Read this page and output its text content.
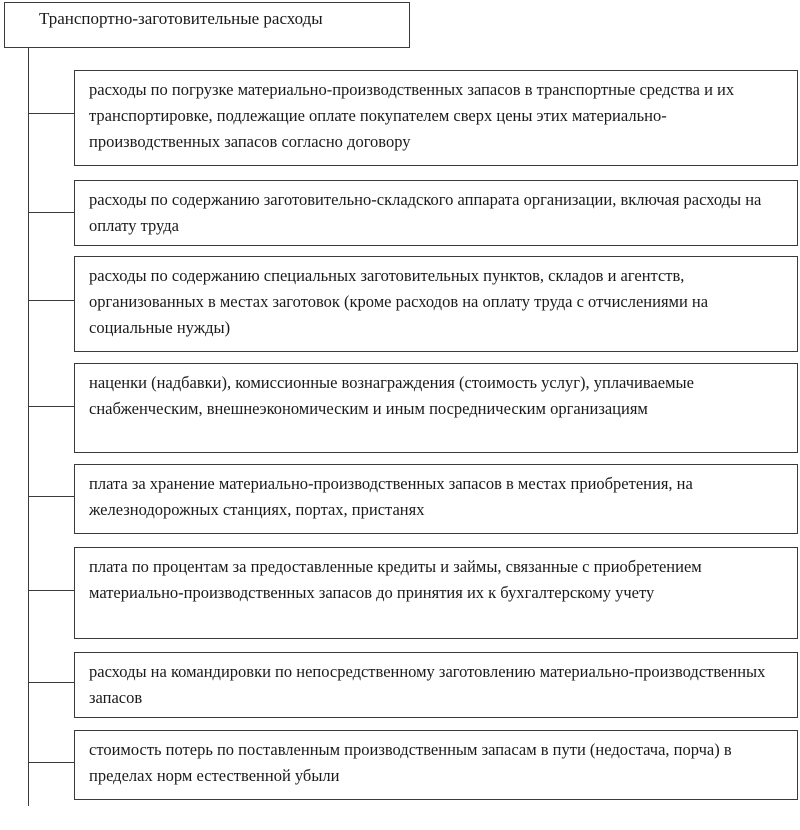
Транспортно-заготовительные расходы
расходы по погрузке материально-производственных запасов в транспортные средства и их транспортировке, подлежащие оплате покупателем сверх цены этих материально-производственных запасов согласно договору
расходы по содержанию заготовительно-складского аппарата организации, включая расходы на оплату труда
расходы по содержанию специальных заготовительных пунктов, складов и агентств, организованных в местах заготовок (кроме расходов на оплату труда с отчислениями на социальные нужды)
наценки (надбавки), комиссионные вознаграждения (стоимость услуг), уплачиваемые снабженческим, внешнеэкономическим и иным посредническим организациям
плата за хранение материально-производственных запасов в местах приобретения, на железнодорожных станциях, портах, пристанях
плата по процентам за предоставленные кредиты и займы, связанные с приобретением материально-производственных запасов до принятия их к бухгалтерскому учету
расходы на командировки по непосредственному заготовлению материально-производственных запасов
стоимость потерь по поставленным производственным запасам в пути (недостача, порча) в пределах норм естественной убыли
